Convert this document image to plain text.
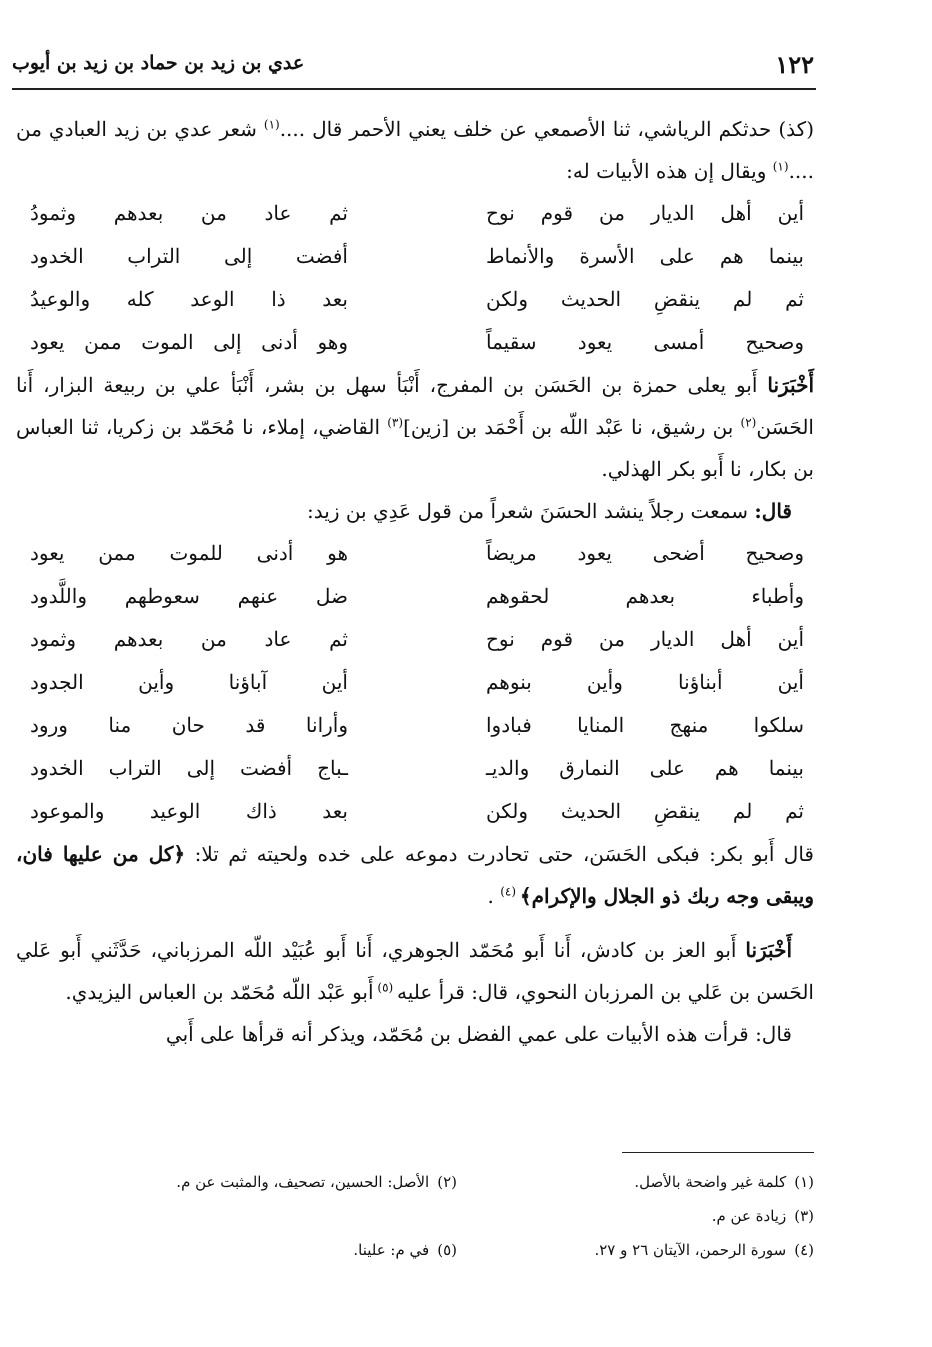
١٢٢
عدي بن زيد بن حماد بن زيد بن أيوب

(كذ) حدثكم الرياشي، ثنا الأصمعي عن خلف يعني الأحمر قال ....$^{(١)}$ شعر عدي بن زيد العبادي من ....$^{(١)}$ ويقال إن هذه الأبيات له:

أين أهل الديار من قوم نوح
ثم عاد من بعدهم وثمودُ
بينما هم على الأسرة والأنماط
أفضت إلى التراب الخدود
ثم لم ينقضِ الحديث ولكن
بعد ذا الوعد كله والوعيدُ
وصحيح أمسى يعود سقيماً
وهو أدنى إلى الموت ممن يعود

أَخْبَرَنا أَبو يعلى حمزة بن الحَسَن بن المفرج، أَنْبَأ سهل بن بشر، أَنْبَأ علي بن ربيعة البزار، أَنا الحَسَن$^{(٢)}$ بن رشيق، نا عَبْد اللّه بن أَحْمَد بن [زين]$^{(٣)}$ القاضي، إملاء، نا مُحَمّد بن زكريا، ثنا العباس بن بكار، نا أَبو بكر الهذلي.

قال: سمعت رجلاً ينشد الحسَنَ شعراً من قول عَدِي بن زيد:

وصحيح أضحى يعود مريضاً
هو أدنى للموت ممن يعود
وأطباء بعدهم لحقوهم
ضل عنهم سعوطهم واللَّدود
أين أهل الديار من قوم نوح
ثم عاد من بعدهم وثمود
أين أبناؤنا وأين بنوهم
أين آباؤنا وأين الجدود
سلكوا منهج المنايا فبادوا
وأرانا قد حان منا ورود
بينما هم على النمارق والديـ
ـباج أفضت إلى التراب الخدود
ثم لم ينقضِ الحديث ولكن
بعد ذاك الوعيد والموعود

قال أَبو بكر: فبكى الحَسَن، حتى تحادرت دموعه على خده ولحيته ثم تلا: ﴿كل من عليها فان، ويبقى وجه ربك ذو الجلال والإكرام﴾ $^{(٤)}$ .

أَخْبَرَنا أَبو العز بن كادش، أَنا أَبو مُحَمّد الجوهري، أَنا أَبو عُبَيْد اللّه المرزباني، حَدَّثَني أَبو عَلي الحَسن بن عَلي بن المرزبان النحوي، قال: قرأ عليه $^{(٥)}$ أَبو عَبْد اللّه مُحَمّد بن العباس اليزيدي.

قال: قرأت هذه الأبيات على عمي الفضل بن مُحَمّد، ويذكر أنه قرأها على أَبي

(١)كلمة غير واضحة بالأصل.
(٢)الأصل: الحسين، تصحيف، والمثبت عن م.
(٣)زيادة عن م.
(٤)سورة الرحمن، الآيتان ٢٦ و ٢٧.
(٥)في م: علينا.
